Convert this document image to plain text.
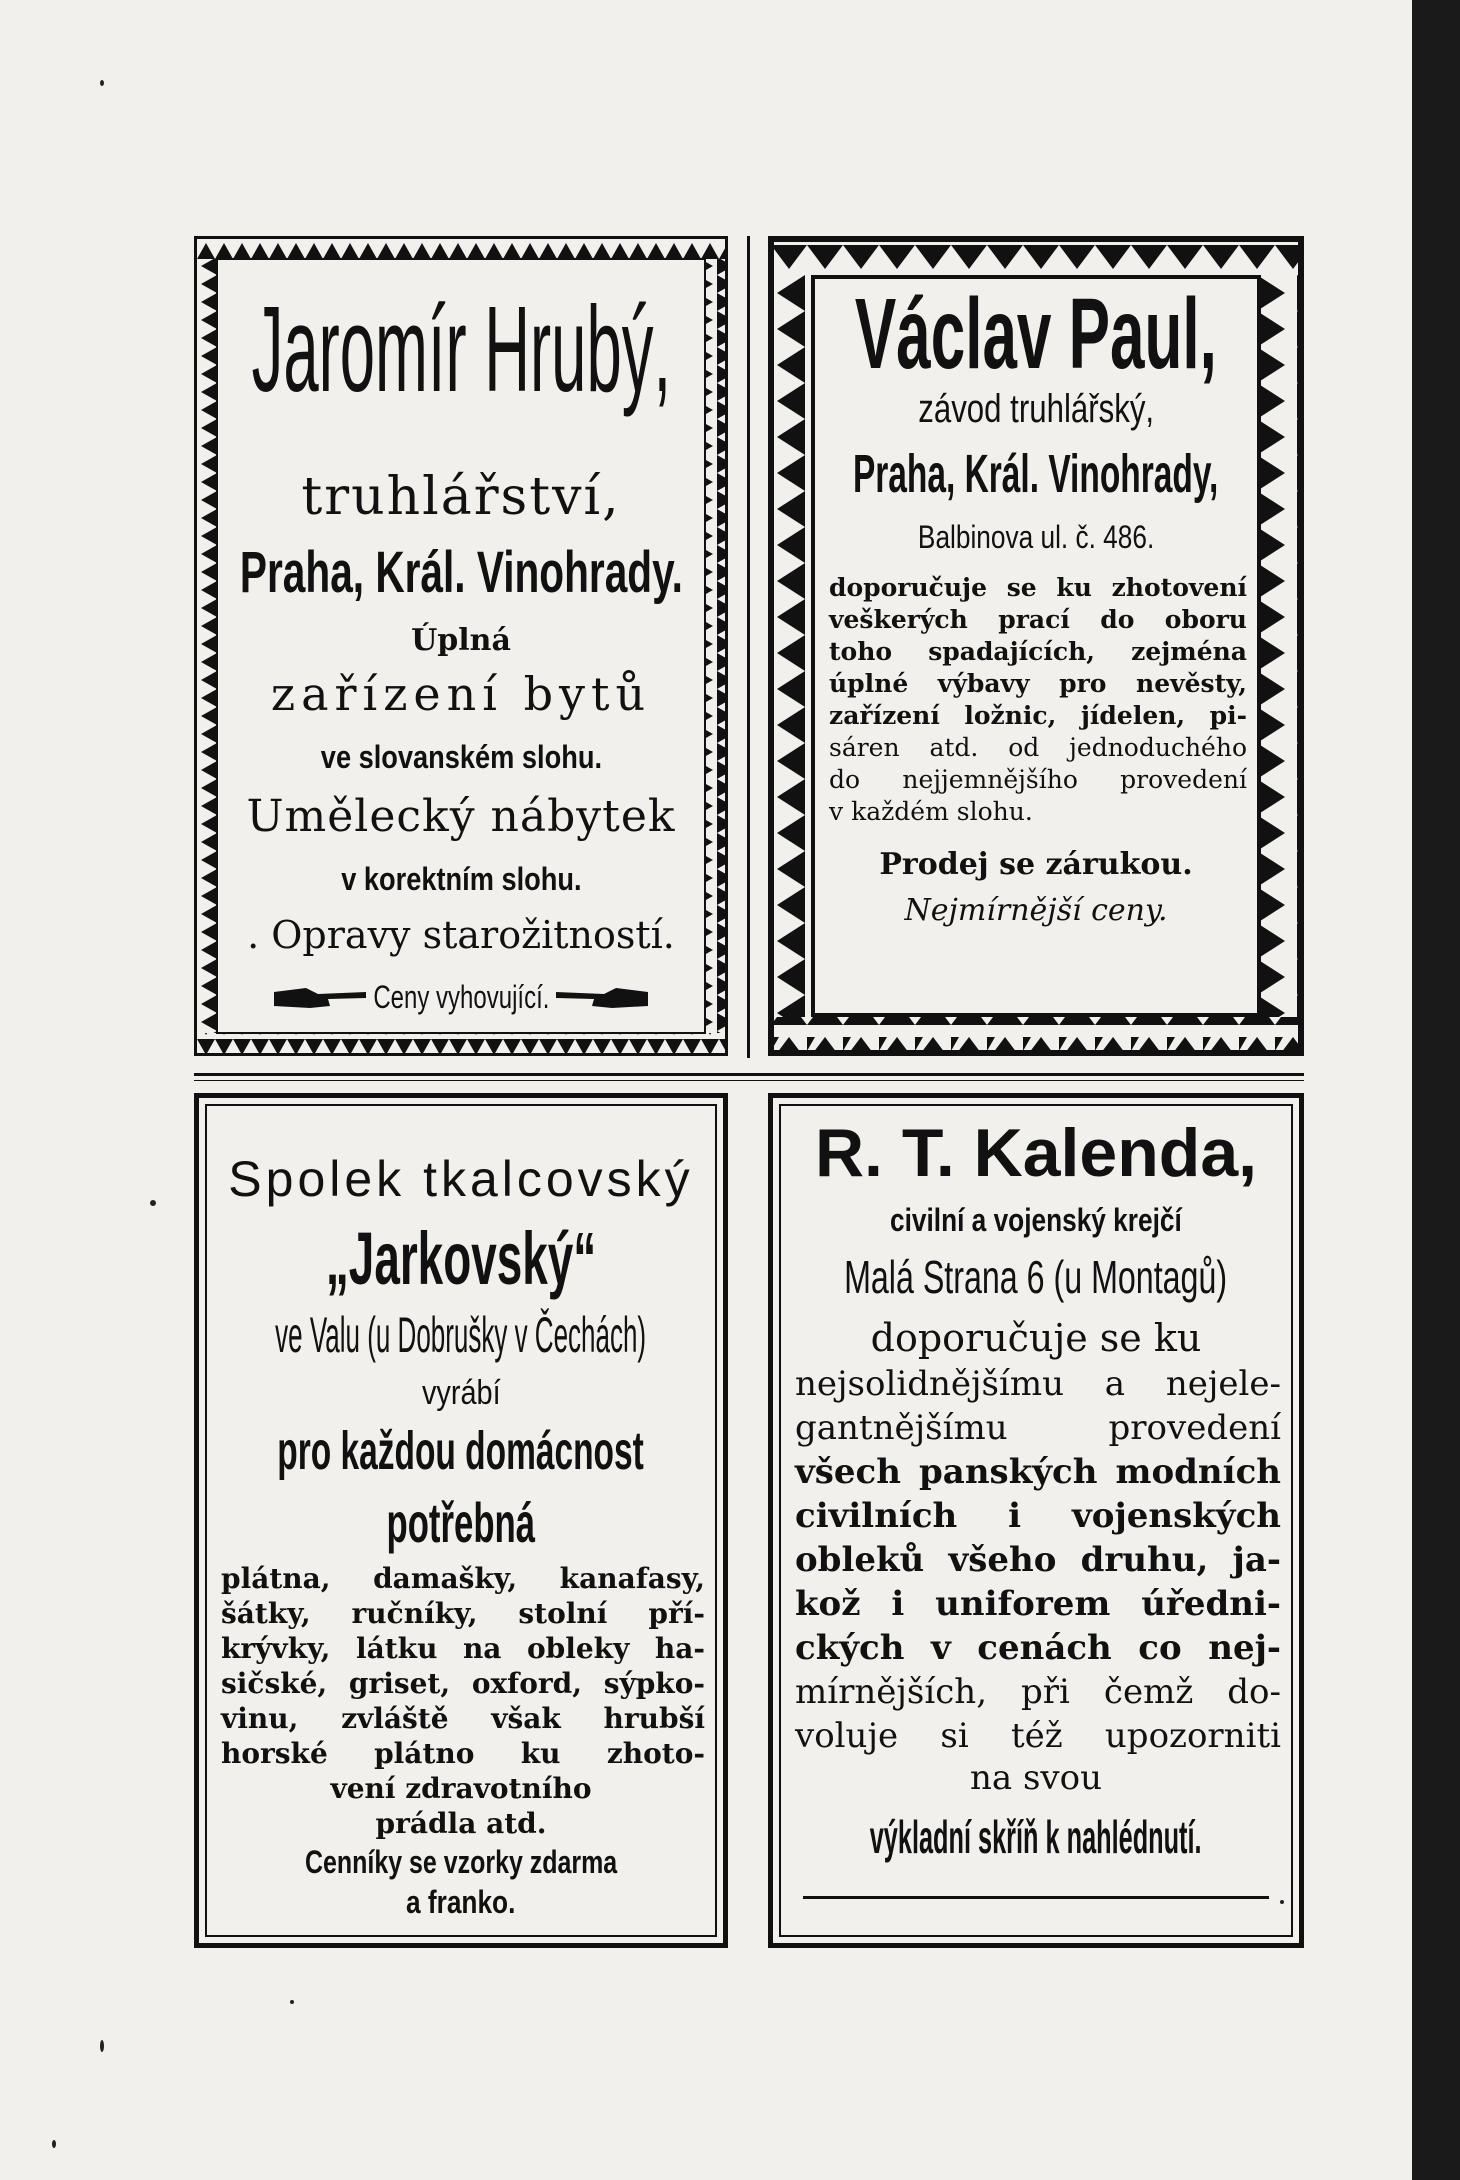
Jaromír Hrubý,
truhlářství,
Praha, Král. Vinohrady.
Úplná
zařízení bytů
ve slovanském slohu.
Umělecký nábytek
v korektním slohu.
. Opravy starožitností.
Ceny vyhovující.
Václav Paul,
závod truhlářský,
Praha, Král. Vinohrady,
Balbinova ul. č. 486.
doporučuje se ku zhotovení
veškerých prací do oboru
toho spadajících, zejména
úplné výbavy pro nevěsty,
zařízení ložnic, jídelen, pi-
sáren atd. od jednoduchého
do nejjemnějšího provedení
v každém slohu.
Prodej se zárukou.
Nejmírnější ceny.
Spolek tkalcovský
„Jarkovský“
ve Valu (u Dobrušky v Čechách)
vyrábí
pro každou domácnost
potřebná
plátna, damašky, kanafasy,
šátky, ručníky, stolní pří-
krývky, látku na obleky ha-
sičské, griset, oxford, sýpko-
vinu, zvláště však hrubší
horské plátno ku zhoto-
vení zdravotního
prádla atd.
Cenníky se vzorky zdarma
a franko.
R. T. Kalenda,
civilní a vojenský krejčí
Malá Strana 6 (u Montagů)
doporučuje se ku
nejsolidnějšímu a nejele-
gantnějšímu provedení
všech panských modních
civilních i vojenských
obleků všeho druhu, ja-
kož i uniforem úředni-
ckých v cenách co nej-
mírnějších, při čemž do-
voluje si též upozorniti
na svou
výkladní skříň k nahlédnutí.
